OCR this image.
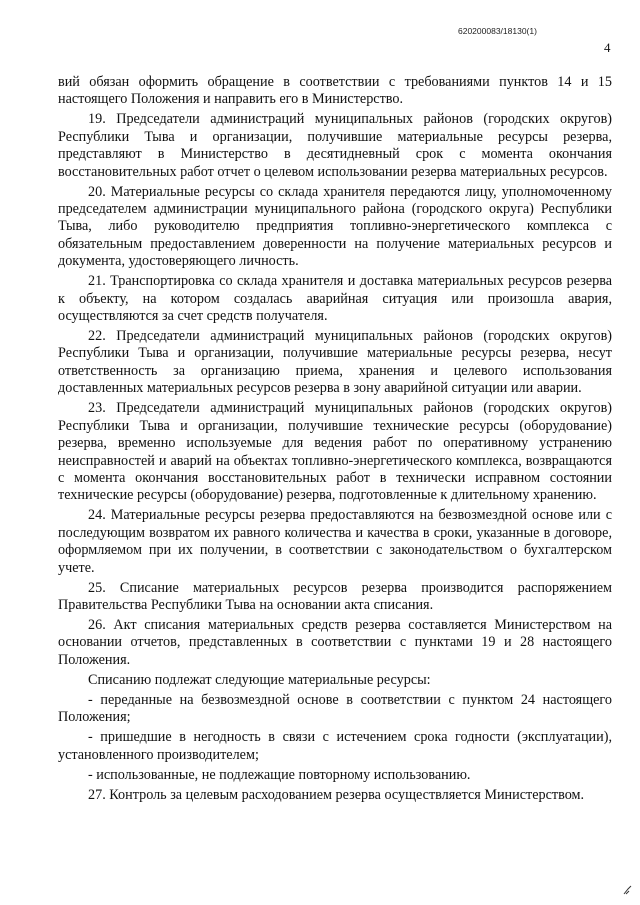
620200083/18130(1)
4

вий обязан оформить обращение в соответствии с требованиями пунктов 14 и 15 настоящего Положения и направить его в Министерство.

19. Председатели администраций муниципальных районов (городских округов) Республики Тыва и организации, получившие материальные ресурсы резерва, представляют в Министерство в десятидневный срок с момента окончания восстановительных работ отчет о целевом использовании резерва материальных ресурсов.

20. Материальные ресурсы со склада хранителя передаются лицу, уполномоченному председателем администрации муниципального района (городского округа) Республики Тыва, либо руководителю предприятия топливно-энергетического комплекса с обязательным предоставлением доверенности на получение материальных ресурсов и документа, удостоверяющего личность.

21. Транспортировка со склада хранителя и доставка материальных ресурсов резерва к объекту, на котором создалась аварийная ситуация или произошла авария, осуществляются за счет средств получателя.

22. Председатели администраций муниципальных районов (городских округов) Республики Тыва и организации, получившие материальные ресурсы резерва, несут ответственность за организацию приема, хранения и целевого использования доставленных материальных ресурсов резерва в зону аварийной ситуации или аварии.

23. Председатели администраций муниципальных районов (городских округов) Республики Тыва и организации, получившие технические ресурсы (оборудование) резерва, временно используемые для ведения работ по оперативному устранению неисправностей и аварий на объектах топливно-энергетического комплекса, возвращаются с момента окончания восстановительных работ в технически исправном состоянии технические ресурсы (оборудование) резерва, подготовленные к длительному хранению.

24. Материальные ресурсы резерва предоставляются на безвозмездной основе или с последующим возвратом их равного количества и качества в сроки, указанные в договоре, оформляемом при их получении, в соответствии с законодательством о бухгалтерском учете.

25. Списание материальных ресурсов резерва производится распоряжением Правительства Республики Тыва на основании акта списания.

26. Акт списания материальных средств резерва составляется Министерством на основании отчетов, представленных в соответствии с пунктами 19 и 28 настоящего Положения.

Списанию подлежат следующие материальные ресурсы:

- переданные на безвозмездной основе в соответствии с пунктом 24 настоящего Положения;

- пришедшие в негодность в связи с истечением срока годности (эксплуатации), установленного производителем;

- использованные, не подлежащие повторному использованию.

27. Контроль за целевым расходованием резерва осуществляется Министерством.
